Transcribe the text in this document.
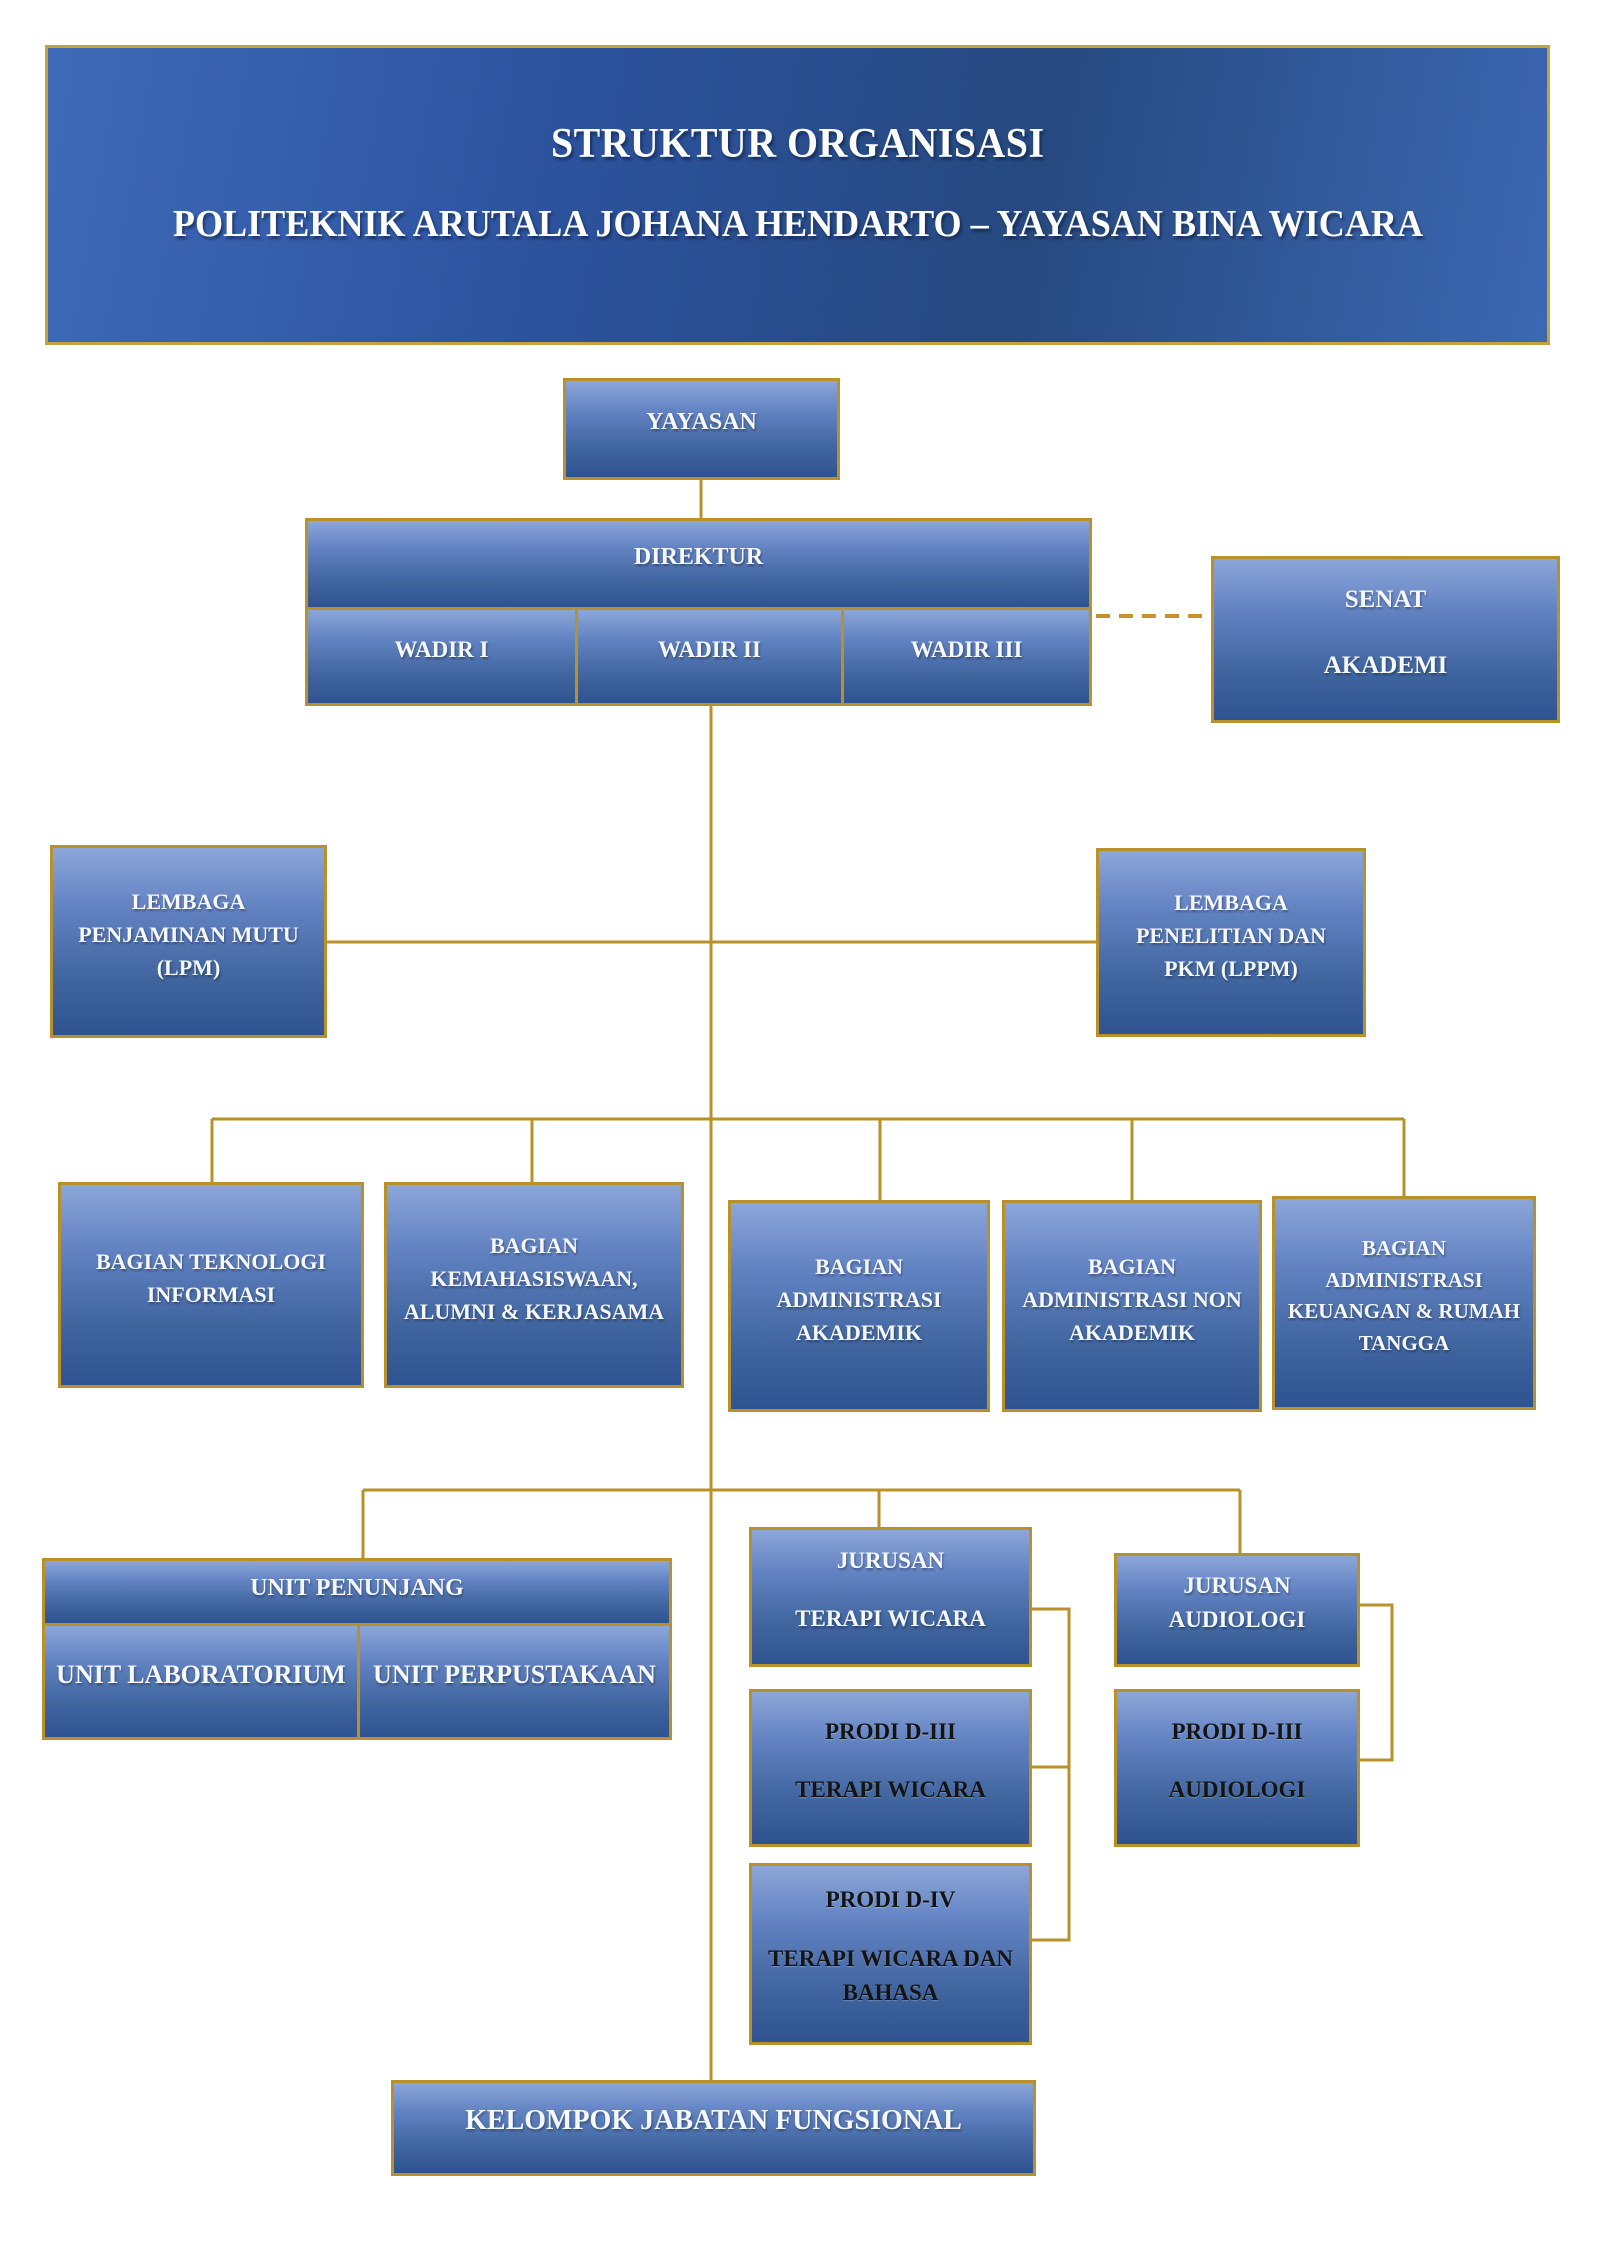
STRUKTUR ORGANISASI
POLITEKNIK ARUTALA JOHANA HENDARTO – YAYASAN BINA WICARA
YAYASAN
DIREKTUR
WADIR I	WADIR II	WADIR III
SENAT
AKADEMI
LEMBAGA
PENJAMINAN MUTU
(LPM)
LEMBAGA
PENELITIAN DAN
PKM (LPPM)
BAGIAN TEKNOLOGI
INFORMASI
BAGIAN
KEMAHASISWAAN,
ALUMNI & KERJASAMA
BAGIAN
ADMINISTRASI
AKADEMIK
BAGIAN
ADMINISTRASI NON
AKADEMIK
BAGIAN
ADMINISTRASI
KEUANGAN & RUMAH
TANGGA
UNIT PENUNJANG
UNIT LABORATORIUM UNIT PERPUSTAKAAN
JURUSAN
TERAPI WICARA
JURUSAN
AUDIOLOGI
PRODI D-III
TERAPI WICARA
PRODI D-III
AUDIOLOGI
PRODI D-IV
TERAPI WICARA DAN
BAHASA
KELOMPOK JABATAN FUNGSIONAL
